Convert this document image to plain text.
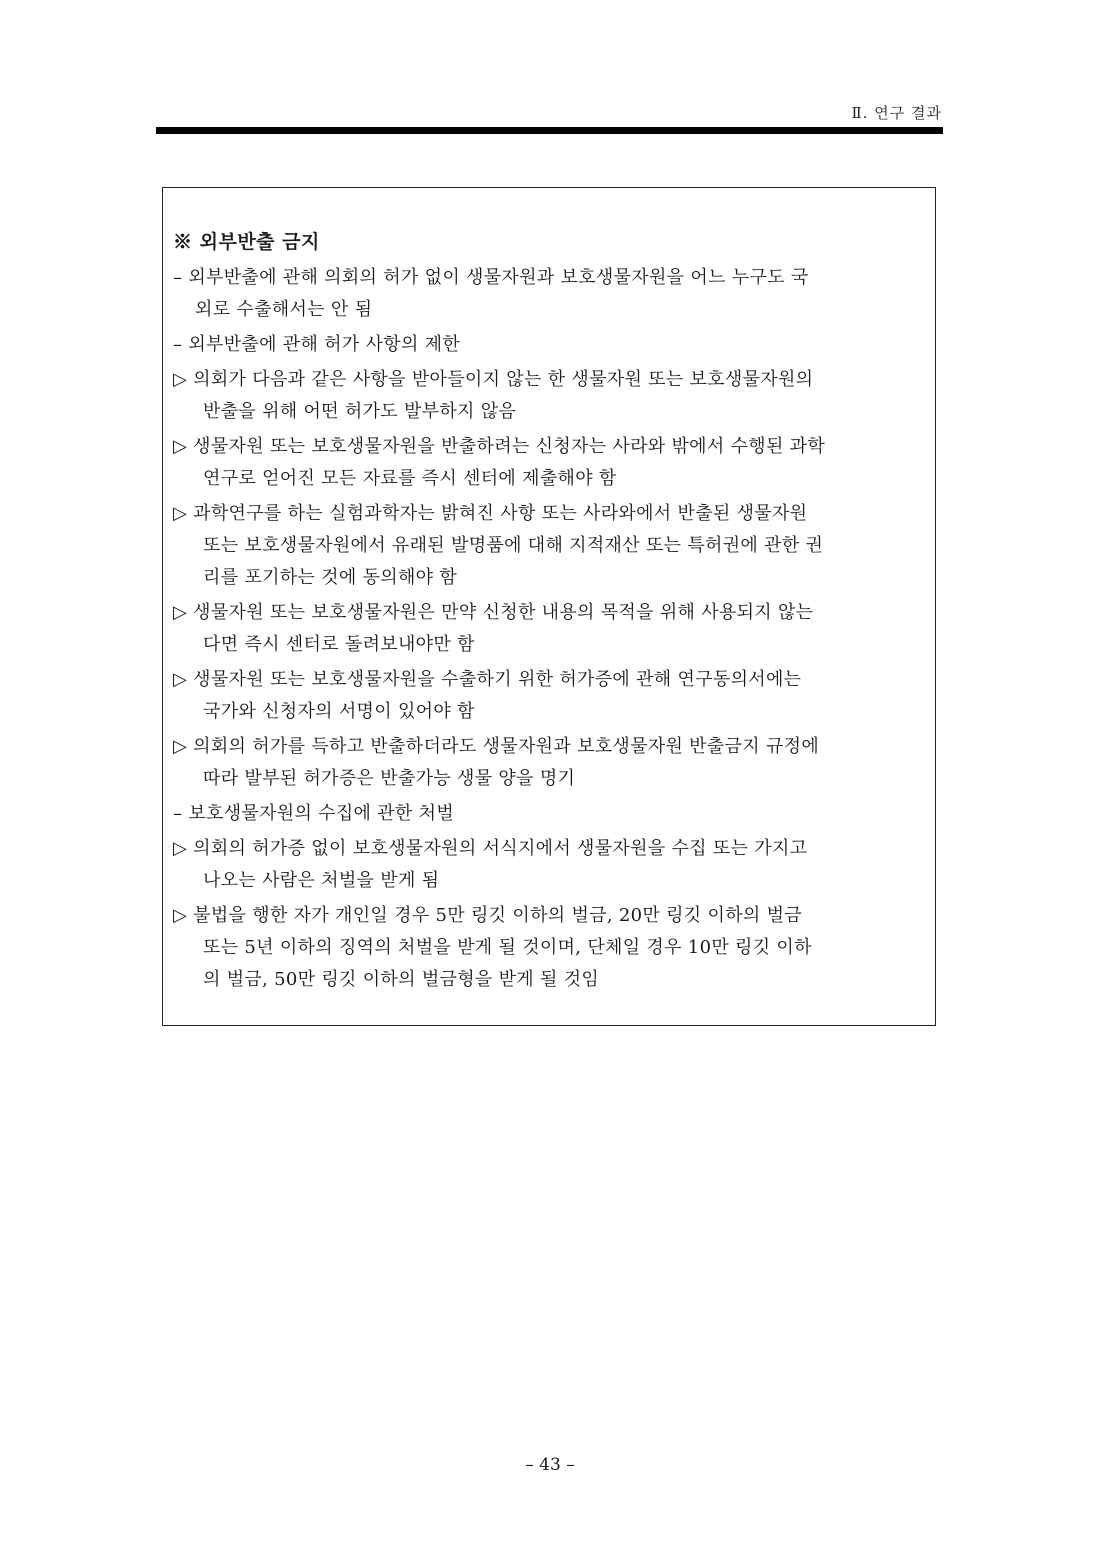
Ⅱ. 연구 결과
※ 외부반출 금지
– 외부반출에 관해 의회의 허가 없이 생물자원과 보호생물자원을 어느 누구도 국
외로 수출해서는 안 됨
– 외부반출에 관해 허가 사항의 제한
▷ 의회가 다음과 같은 사항을 받아들이지 않는 한 생물자원 또는 보호생물자원의
반출을 위해 어떤 허가도 발부하지 않음
▷ 생물자원 또는 보호생물자원을 반출하려는 신청자는 사라와 밖에서 수행된 과학
연구로 얻어진 모든 자료를 즉시 센터에 제출해야 함
▷ 과학연구를 하는 실험과학자는 밝혀진 사항 또는 사라와에서 반출된 생물자원
또는 보호생물자원에서 유래된 발명품에 대해 지적재산 또는 특허권에 관한 권
리를 포기하는 것에 동의해야 함
▷ 생물자원 또는 보호생물자원은 만약 신청한 내용의 목적을 위해 사용되지 않는
다면 즉시 센터로 돌려보내야만 함
▷ 생물자원 또는 보호생물자원을 수출하기 위한 허가증에 관해 연구동의서에는
국가와 신청자의 서명이 있어야 함
▷ 의회의 허가를 득하고 반출하더라도 생물자원과 보호생물자원 반출금지 규정에
따라 발부된 허가증은 반출가능 생물 양을 명기
– 보호생물자원의 수집에 관한 처벌
▷ 의회의 허가증 없이 보호생물자원의 서식지에서 생물자원을 수집 또는 가지고
나오는 사람은 처벌을 받게 됨
▷ 불법을 행한 자가 개인일 경우 5만 링깃 이하의 벌금, 20만 링깃 이하의 벌금
또는 5년 이하의 징역의 처벌을 받게 될 것이며, 단체일 경우 10만 링깃 이하
의 벌금, 50만 링깃 이하의 벌금형을 받게 될 것임
– 43 –
